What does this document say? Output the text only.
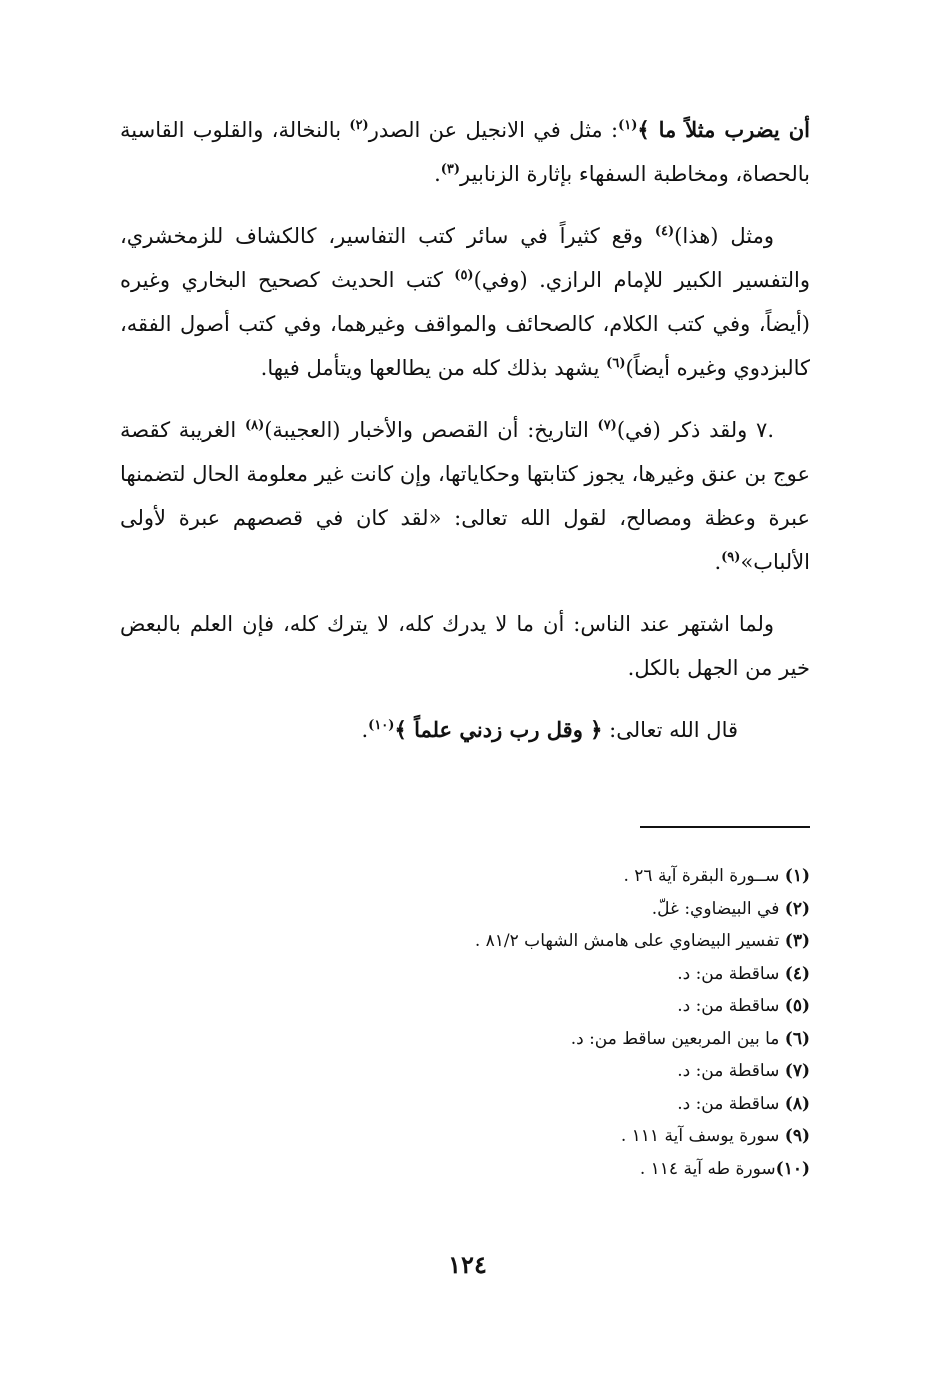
أن يضرب مثلاً ما ﴾$^{(١)}$: مثل في الانجيل عن الصدر$^{(٢)}$ بالنخالة، والقلوب القاسية بالحصاة، ومخاطبة السفهاء بإثارة الزنابير$^{(٣)}$.

ومثل (هذا)$^{(٤)}$ وقع كثيراً في سائر كتب التفاسير، كالكشاف للزمخشري، والتفسير الكبير للإمام الرازي. (وفي)$^{(٥)}$ كتب الحديث كصحيح البخاري وغيره (أيضاً، وفي كتب الكلام، كالصحائف والمواقف وغيرهما، وفي كتب أصول الفقه، كالبزدوي وغيره أيضاً)$^{(٦)}$ يشهد بذلك كله من يطالعها ويتأمل فيها.

.٧ ولقد ذكر (في)$^{(٧)}$ التاريخ: أن القصص والأخبار (العجيبة)$^{(٨)}$ الغريبة كقصة عوج بن عنق وغيرها، يجوز كتابتها وحكاياتها، وإن كانت غير معلومة الحال لتضمنها عبرة وعظة ومصالح، لقول الله تعالى: «لقد كان في قصصهم عبرة لأولى الألباب»$^{(٩)}$.

ولما اشتهر عند الناس: أن ما لا يدرك كله، لا يترك كله، فإن العلم بالبعض خير من الجهل بالكل.

قال الله تعالى: ﴿ وقل رب زدني علماً ﴾$^{(١٠)}$.

(١) ســورة البقرة آية ٢٦ .
(٢) في البيضاوي: غلّ.
(٣) تفسير البيضاوي على هامش الشهاب ٨١/٢ .
(٤) ساقطة من: د.
(٥) ساقطة من: د.
(٦) ما بين المربعين ساقط من: د.
(٧) ساقطة من: د.
(٨) ساقطة من: د.
(٩) سورة يوسف آية ١١١ .
(١٠)سورة طه آية ١١٤ .
١٢٤
